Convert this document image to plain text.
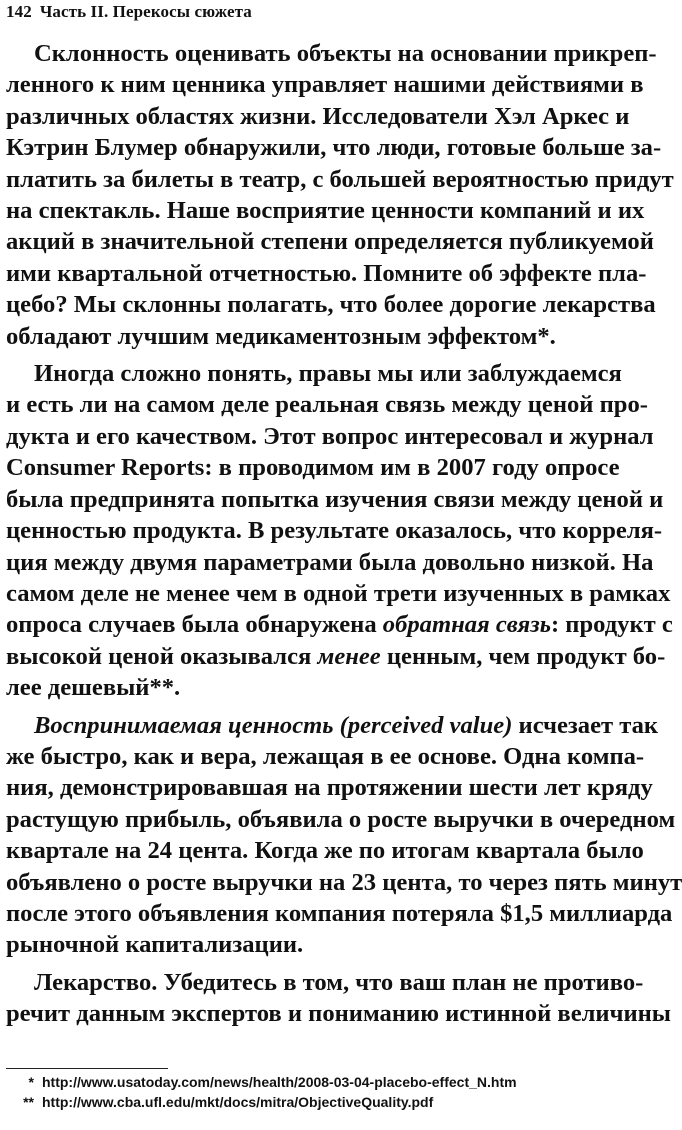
142 Часть II. Перекосы сюжета
Склонность оценивать объекты на основании прикреп-
ленного к ним ценника управляет нашими действиями в
различных областях жизни. Исследователи Хэл Аркес и
Кэтрин Блумер обнаружили, что люди, готовые больше за-
платить за билеты в театр, с большей вероятностью придут
на спектакль. Наше восприятие ценности компаний и их
акций в значительной степени определяется публикуемой
ими квартальной отчетностью. Помните об эффекте пла-
цебо? Мы склонны полагать, что более дорогие лекарства
обладают лучшим медикаментозным эффектом*.
Иногда сложно понять, правы мы или заблуждаемся
и есть ли на самом деле реальная связь между ценой про-
дукта и его качеством. Этот вопрос интересовал и журнал
Consumer Reports: в проводимом им в 2007 году опросе
была предпринята попытка изучения связи между ценой и
ценностью продукта. В результате оказалось, что корреля-
ция между двумя параметрами была довольно низкой. На
самом деле не менее чем в одной трети изученных в рамках
опроса случаев была обнаружена обратная связь: продукт с
высокой ценой оказывался менее ценным, чем продукт бо-
лее дешевый**.
Воспринимаемая ценность (perceived value) исчезает так
же быстро, как и вера, лежащая в ее основе. Одна компа-
ния, демонстрировавшая на протяжении шести лет кряду
растущую прибыль, объявила о росте выручки в очередном
квартале на 24 цента. Когда же по итогам квартала было
объявлено о росте выручки на 23 цента, то через пять минут
после этого объявления компания потеряла $1,5 миллиарда
рыночной капитализации.
Лекарство. Убедитесь в том, что ваш план не противо-
речит данным экспертов и пониманию истинной величины
* http://www.usatoday.com/news/health/2008-03-04-placebo-effect_N.htm
** http://www.cba.ufl.edu/mkt/docs/mitra/ObjectiveQuality.pdf
